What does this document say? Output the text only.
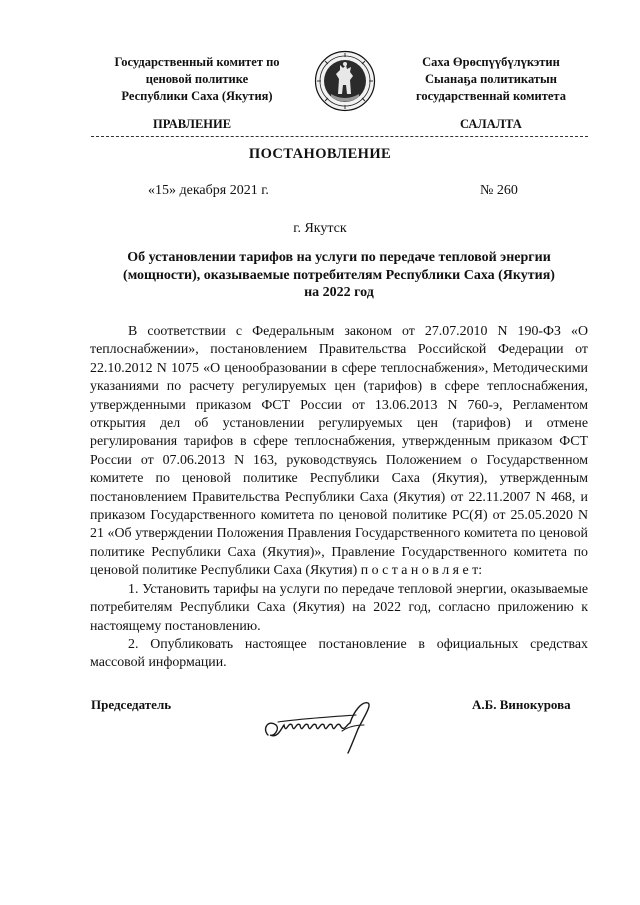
Государственный комитет по
ценовой политике
Республики Саха (Якутия)
Саха Өрөспүүбүлүкэтин
Сыанаҕа политикатын
государственнай комитета
ПРАВЛЕНИЕ	САЛАЛТА
ПОСТАНОВЛЕНИЕ
«15» декабря 2021 г.	№ 260
г. Якутск
Об установлении тарифов на услуги по передаче тепловой энергии
(мощности), оказываемые потребителям Республики Саха (Якутия)
на 2022 год

В соответствии с Федеральным законом от 27.07.2010 N 190-ФЗ «О теплоснабжении», постановлением Правительства Российской Федерации от 22.10.2012 N 1075 «О ценообразовании в сфере теплоснабжения», Методическими указаниями по расчету регулируемых цен (тарифов) в сфере теплоснабжения, утвержденными приказом ФСТ России от 13.06.2013 N 760-э, Регламентом открытия дел об установлении регулируемых цен (тарифов) и отмене регулирования тарифов в сфере теплоснабжения, утвержденным приказом ФСТ России от 07.06.2013 N 163, руководствуясь Положением о Государственном комитете по ценовой политике Республики Саха (Якутия), утвержденным постановлением Правительства Республики Саха (Якутия) от 22.11.2007 N 468, и приказом Государственного комитета по ценовой политике РС(Я) от 25.05.2020 N 21 «Об утверждении Положения Правления Государственного комитета по ценовой политике Республики Саха (Якутия)», Правление Государственного комитета по ценовой политике Республики Саха (Якутия) п о с т а н о в л я е т:

1. Установить тарифы на услуги по передаче тепловой энергии, оказываемые потребителям Республики Саха (Якутия) на 2022 год, согласно приложению к настоящему постановлению.

2. Опубликовать настоящее постановление в официальных средствах массовой информации.

Председатель	А.Б. Винокурова
